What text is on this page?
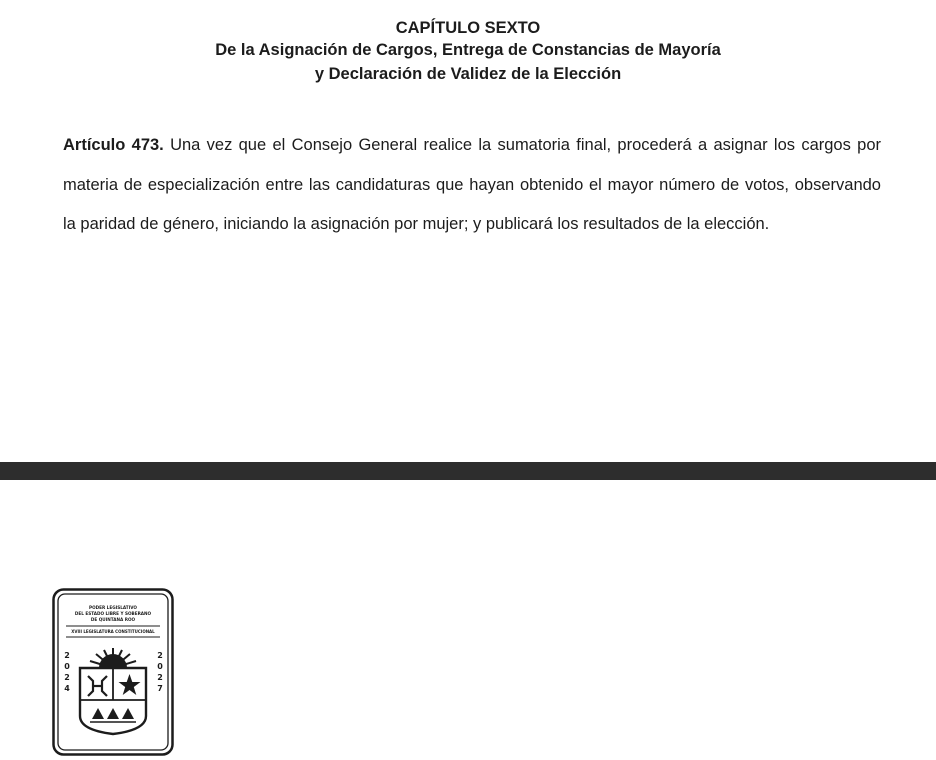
CAPÍTULO SEXTO
De la Asignación de Cargos, Entrega de Constancias de Mayoría
y Declaración de Validez de la Elección

Artículo 473. Una vez que el Consejo General realice la sumatoria final, procederá a asignar los cargos por materia de especialización entre las candidaturas que hayan obtenido el mayor número de votos, observando la paridad de género, iniciando la asignación por mujer; y publicará los resultados de la elección.

PODER LEGISLATIVO
DEL ESTADO LIBRE Y SOBERANO
DE QUINTANA ROO
XVIII LEGISLATURA CONSTITUCIONAL
2
0
2
4
2
0
2
7
